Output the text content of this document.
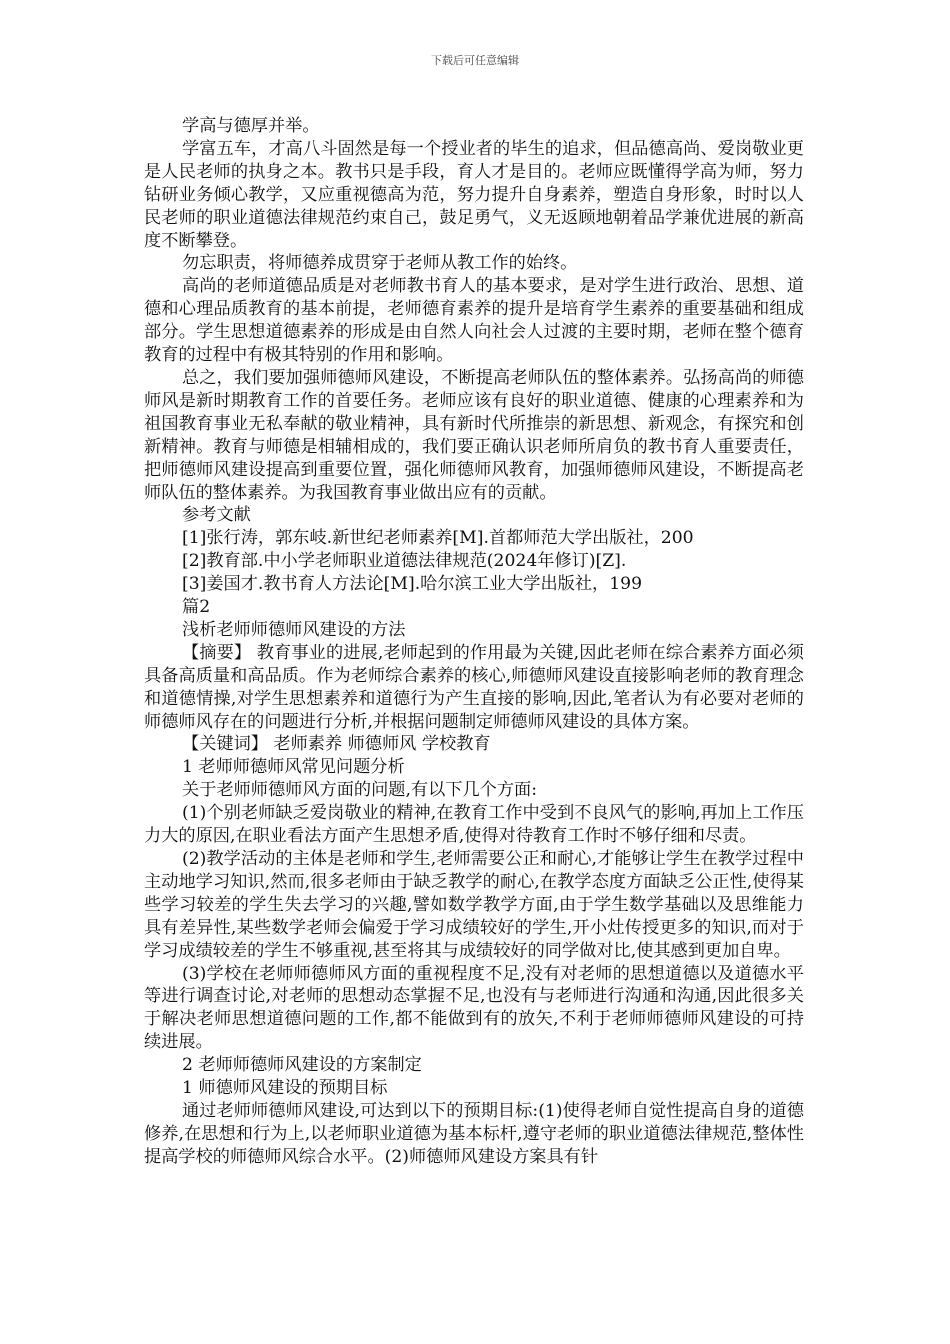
下载后可任意编辑

学高与德厚并举。

学富五车，才高八斗固然是每一个授业者的毕生的追求，但品德高尚、爱岗敬业更是人民老师的执身之本。教书只是手段，育人才是目的。老师应既懂得学高为师，努力钻研业务倾心教学，又应重视德高为范，努力提升自身素养，塑造自身形象，时时以人民老师的职业道德法律规范约束自己，鼓足勇气，义无返顾地朝着品学兼优进展的新高度不断攀登。

勿忘职责，将师德养成贯穿于老师从教工作的始终。

高尚的老师道德品质是对老师教书育人的基本要求，是对学生进行政治、思想、道德和心理品质教育的基本前提，老师德育素养的提升是培育学生素养的重要基础和组成部分。学生思想道德素养的形成是由自然人向社会人过渡的主要时期，老师在整个德育教育的过程中有极其特别的作用和影响。

总之，我们要加强师德师风建设，不断提高老师队伍的整体素养。弘扬高尚的师德师风是新时期教育工作的首要任务。老师应该有良好的职业道德、健康的心理素养和为祖国教育事业无私奉献的敬业精神，具有新时代所推崇的新思想、新观念，有探究和创新精神。教育与师德是相辅相成的，我们要正确认识老师所肩负的教书育人重要责任，把师德师风建设提高到重要位置，强化师德师风教育，加强师德师风建设，不断提高老师队伍的整体素养。为我国教育事业做出应有的贡献。

参考文献

[1]张行涛，郭东岐.新世纪老师素养[M].首都师范大学出版社，200

[2]教育部.中小学老师职业道德法律规范(2024年修订)[Z].

[3]姜国才.教书育人方法论[M].哈尔滨工业大学出版社，199

篇2

浅析老师师德师风建设的方法

【摘要】 教育事业的进展,老师起到的作用最为关键,因此老师在综合素养方面必须具备高质量和高品质。作为老师综合素养的核心,师德师风建设直接影响老师的教育理念和道德情操,对学生思想素养和道德行为产生直接的影响,因此,笔者认为有必要对老师的师德师风存在的问题进行分析,并根据问题制定师德师风建设的具体方案。

【关键词】 老师素养 师德师风 学校教育

1 老师师德师风常见问题分析

关于老师师德师风方面的问题,有以下几个方面:

(1)个别老师缺乏爱岗敬业的精神,在教育工作中受到不良风气的影响,再加上工作压力大的原因,在职业看法方面产生思想矛盾,使得对待教育工作时不够仔细和尽责。

(2)教学活动的主体是老师和学生,老师需要公正和耐心,才能够让学生在教学过程中主动地学习知识,然而,很多老师由于缺乏教学的耐心,在教学态度方面缺乏公正性,使得某些学习较差的学生失去学习的兴趣,譬如数学教学方面,由于学生数学基础以及思维能力具有差异性,某些数学老师会偏爱于学习成绩较好的学生,开小灶传授更多的知识,而对于学习成绩较差的学生不够重视,甚至将其与成绩较好的同学做对比,使其感到更加自卑。

(3)学校在老师师德师风方面的重视程度不足,没有对老师的思想道德以及道德水平等进行调查讨论,对老师的思想动态掌握不足,也没有与老师进行沟通和沟通,因此很多关于解决老师思想道德问题的工作,都不能做到有的放矢,不利于老师师德师风建设的可持续进展。

2 老师师德师风建设的方案制定

1 师德师风建设的预期目标

通过老师师德师风建设,可达到以下的预期目标:(1)使得老师自觉性提高自身的道德修养,在思想和行为上,以老师职业道德为基本标杆,遵守老师的职业道德法律规范,整体性提高学校的师德师风综合水平。(2)师德师风建设方案具有针
